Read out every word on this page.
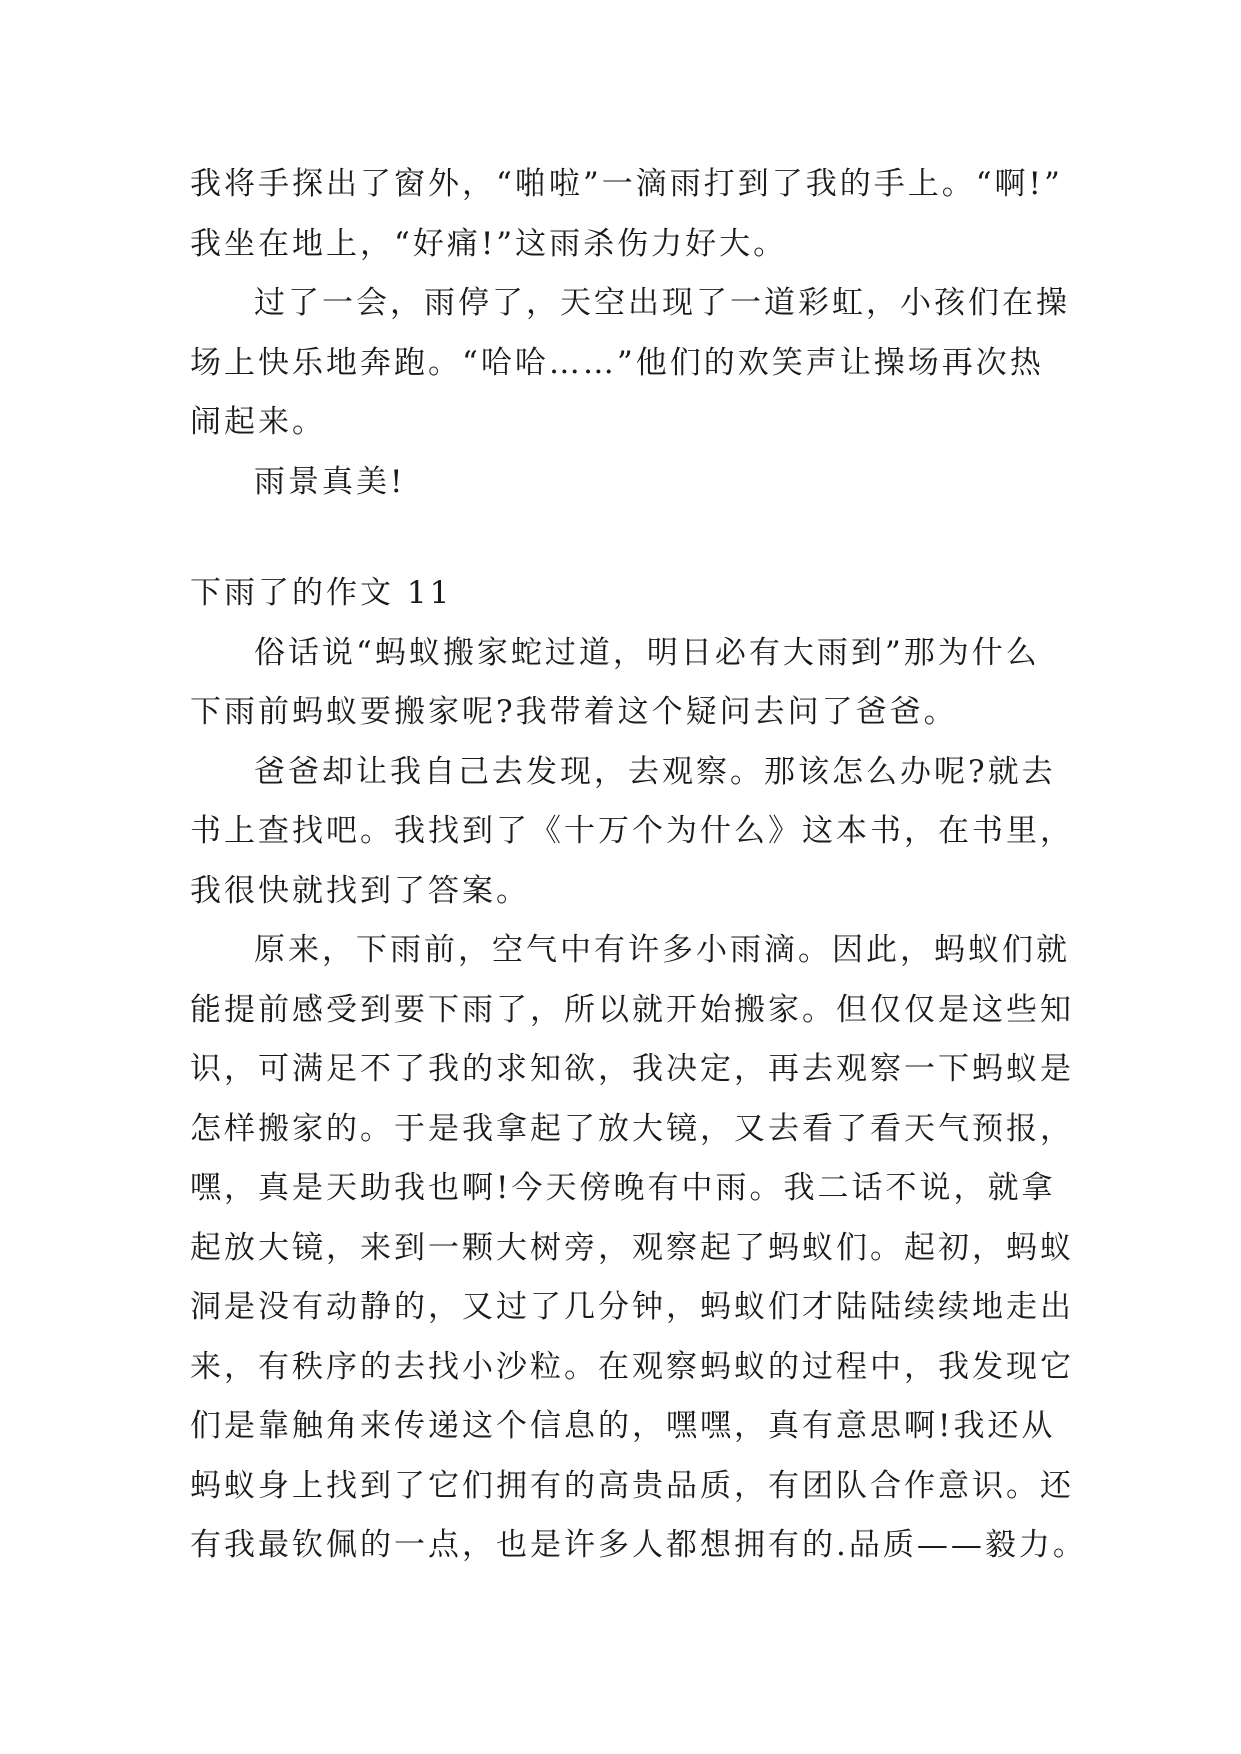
我将手探出了窗外，“啪啦”一滴雨打到了我的手上。“啊!”
我坐在地上，“好痛!”这雨杀伤力好大。
过了一会，雨停了，天空出现了一道彩虹，小孩们在操
场上快乐地奔跑。“哈哈……”他们的欢笑声让操场再次热
闹起来。
雨景真美!
下雨了的作文 11
俗话说“蚂蚁搬家蛇过道，明日必有大雨到”那为什么
下雨前蚂蚁要搬家呢?我带着这个疑问去问了爸爸。
爸爸却让我自己去发现，去观察。那该怎么办呢?就去
书上查找吧。我找到了《十万个为什么》这本书，在书里，
我很快就找到了答案。
原来，下雨前，空气中有许多小雨滴。因此，蚂蚁们就
能提前感受到要下雨了，所以就开始搬家。但仅仅是这些知
识，可满足不了我的求知欲，我决定，再去观察一下蚂蚁是
怎样搬家的。于是我拿起了放大镜，又去看了看天气预报，
嘿，真是天助我也啊!今天傍晚有中雨。我二话不说，就拿
起放大镜，来到一颗大树旁，观察起了蚂蚁们。起初，蚂蚁
洞是没有动静的，又过了几分钟，蚂蚁们才陆陆续续地走出
来，有秩序的去找小沙粒。在观察蚂蚁的过程中，我发现它
们是靠触角来传递这个信息的，嘿嘿，真有意思啊!我还从
蚂蚁身上找到了它们拥有的高贵品质，有团队合作意识。还
有我最钦佩的一点，也是许多人都想拥有的.品质——毅力。
